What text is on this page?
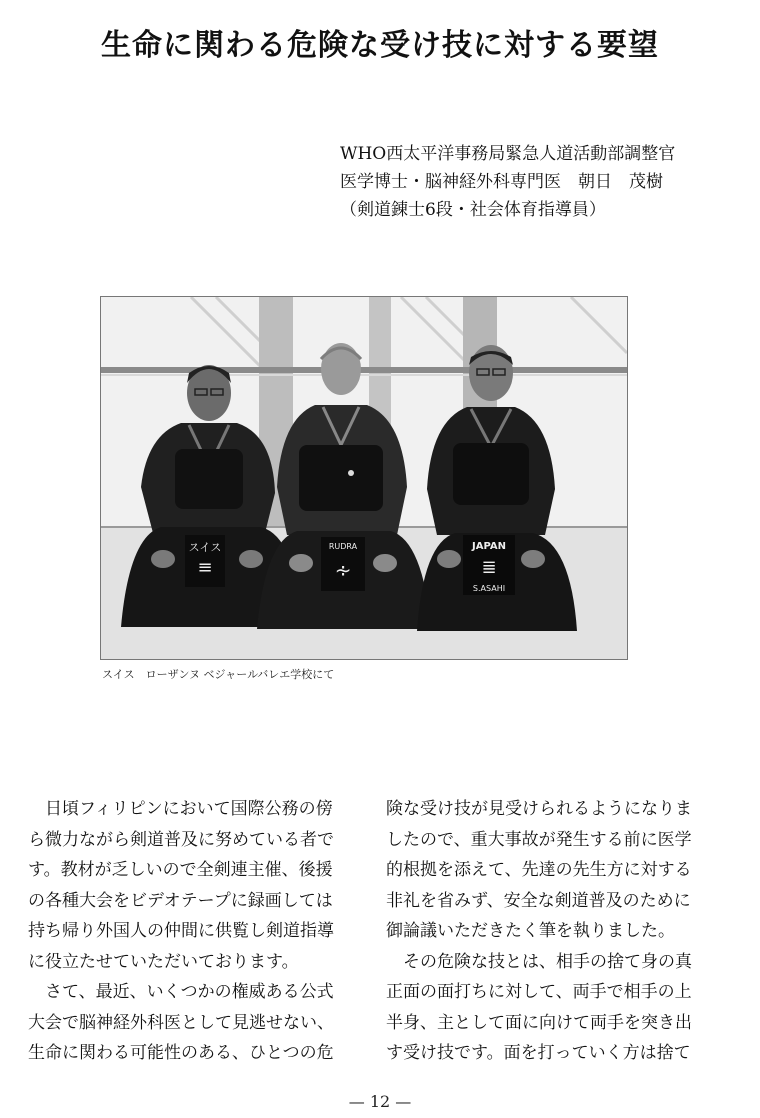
生命に関わる危険な受け技に対する要望
WHO西太平洋事務局緊急人道活動部調整官
医学博士・脳神経外科専門医　朝日　茂樹
（剣道錬士6段・社会体育指導員）
スイス
≡
RUDRA
∻
JAPAN
≣
S.ASAHI
スイス　ローザンヌ ベジャールバレエ学校にて

　日頃フィリピンにおいて国際公務の傍

ら微力ながら剣道普及に努めている者で

す。教材が乏しいので全剣連主催、後援

の各種大会をビデオテープに録画しては

持ち帰り外国人の仲間に供覧し剣道指導

に役立たせていただいております。

　さて、最近、いくつかの権威ある公式

大会で脳神経外科医として見逃せない、

生命に関わる可能性のある、ひとつの危

険な受け技が見受けられるようになりま

したので、重大事故が発生する前に医学

的根拠を添えて、先達の先生方に対する

非礼を省みず、安全な剣道普及のために

御論議いただきたく筆を執りました。

　その危険な技とは、相手の捨て身の真

正面の面打ちに対して、両手で相手の上

半身、主として面に向けて両手を突き出

す受け技です。面を打っていく方は捨て

— 12 —
